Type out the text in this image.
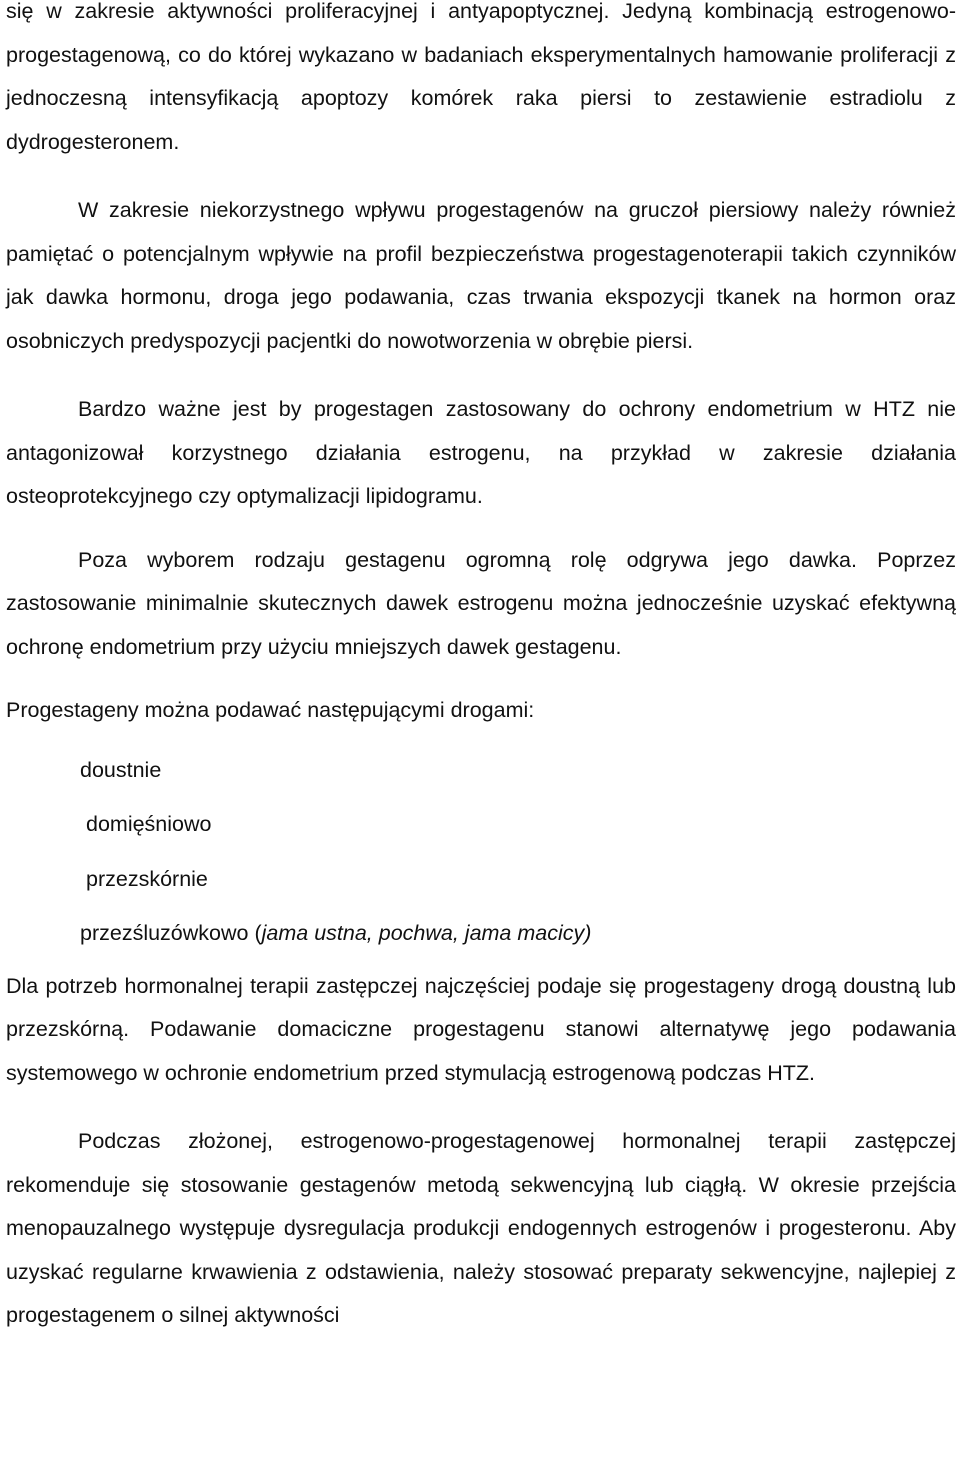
się w zakresie aktywności proliferacyjnej i antyapoptycznej. Jedyną kombinacją estrogenowo-progestagenową, co do której wykazano w badaniach eksperymentalnych hamowanie proliferacji z jednoczesną intensyfikacją apoptozy komórek raka piersi to zestawienie estradiolu z dydrogesteronem.

W zakresie niekorzystnego wpływu progestagenów na gruczoł piersiowy należy również pamiętać o potencjalnym wpływie na profil bezpieczeństwa progestagenoterapii takich czynników jak dawka hormonu, droga jego podawania, czas trwania ekspozycji tkanek na hormon oraz osobniczych predyspozycji pacjentki do nowotworzenia w obrębie piersi.

Bardzo ważne jest by progestagen zastosowany do ochrony endometrium w HTZ nie antagonizował korzystnego działania estrogenu, na przykład w zakresie działania osteoprotekcyjnego czy optymalizacji lipidogramu.

Poza wyborem rodzaju gestagenu ogromną rolę odgrywa jego dawka. Poprzez zastosowanie minimalnie skutecznych dawek estrogenu można jednocześnie uzyskać efektywną ochronę endometrium przy użyciu mniejszych dawek gestagenu.

Progestageny można podawać następującymi drogami:

doustnie
domięśniowo
przezskórnie
przezśluzówkowo (jama ustna, pochwa, jama macicy)

Dla potrzeb hormonalnej terapii zastępczej najczęściej podaje się progestageny drogą doustną lub przezskórną. Podawanie domaciczne progestagenu stanowi alternatywę jego podawania systemowego w ochronie endometrium przed stymulacją estrogenową podczas HTZ.

Podczas złożonej, estrogenowo-progestagenowej hormonalnej terapii zastępczej rekomenduje się stosowanie gestagenów metodą sekwencyjną lub ciągłą. W okresie przejścia menopauzalnego występuje dysregulacja produkcji endogennych estrogenów i progesteronu. Aby uzyskać regularne krwawienia z odstawienia, należy stosować preparaty sekwencyjne, najlepiej z progestagenem o silnej aktywności
